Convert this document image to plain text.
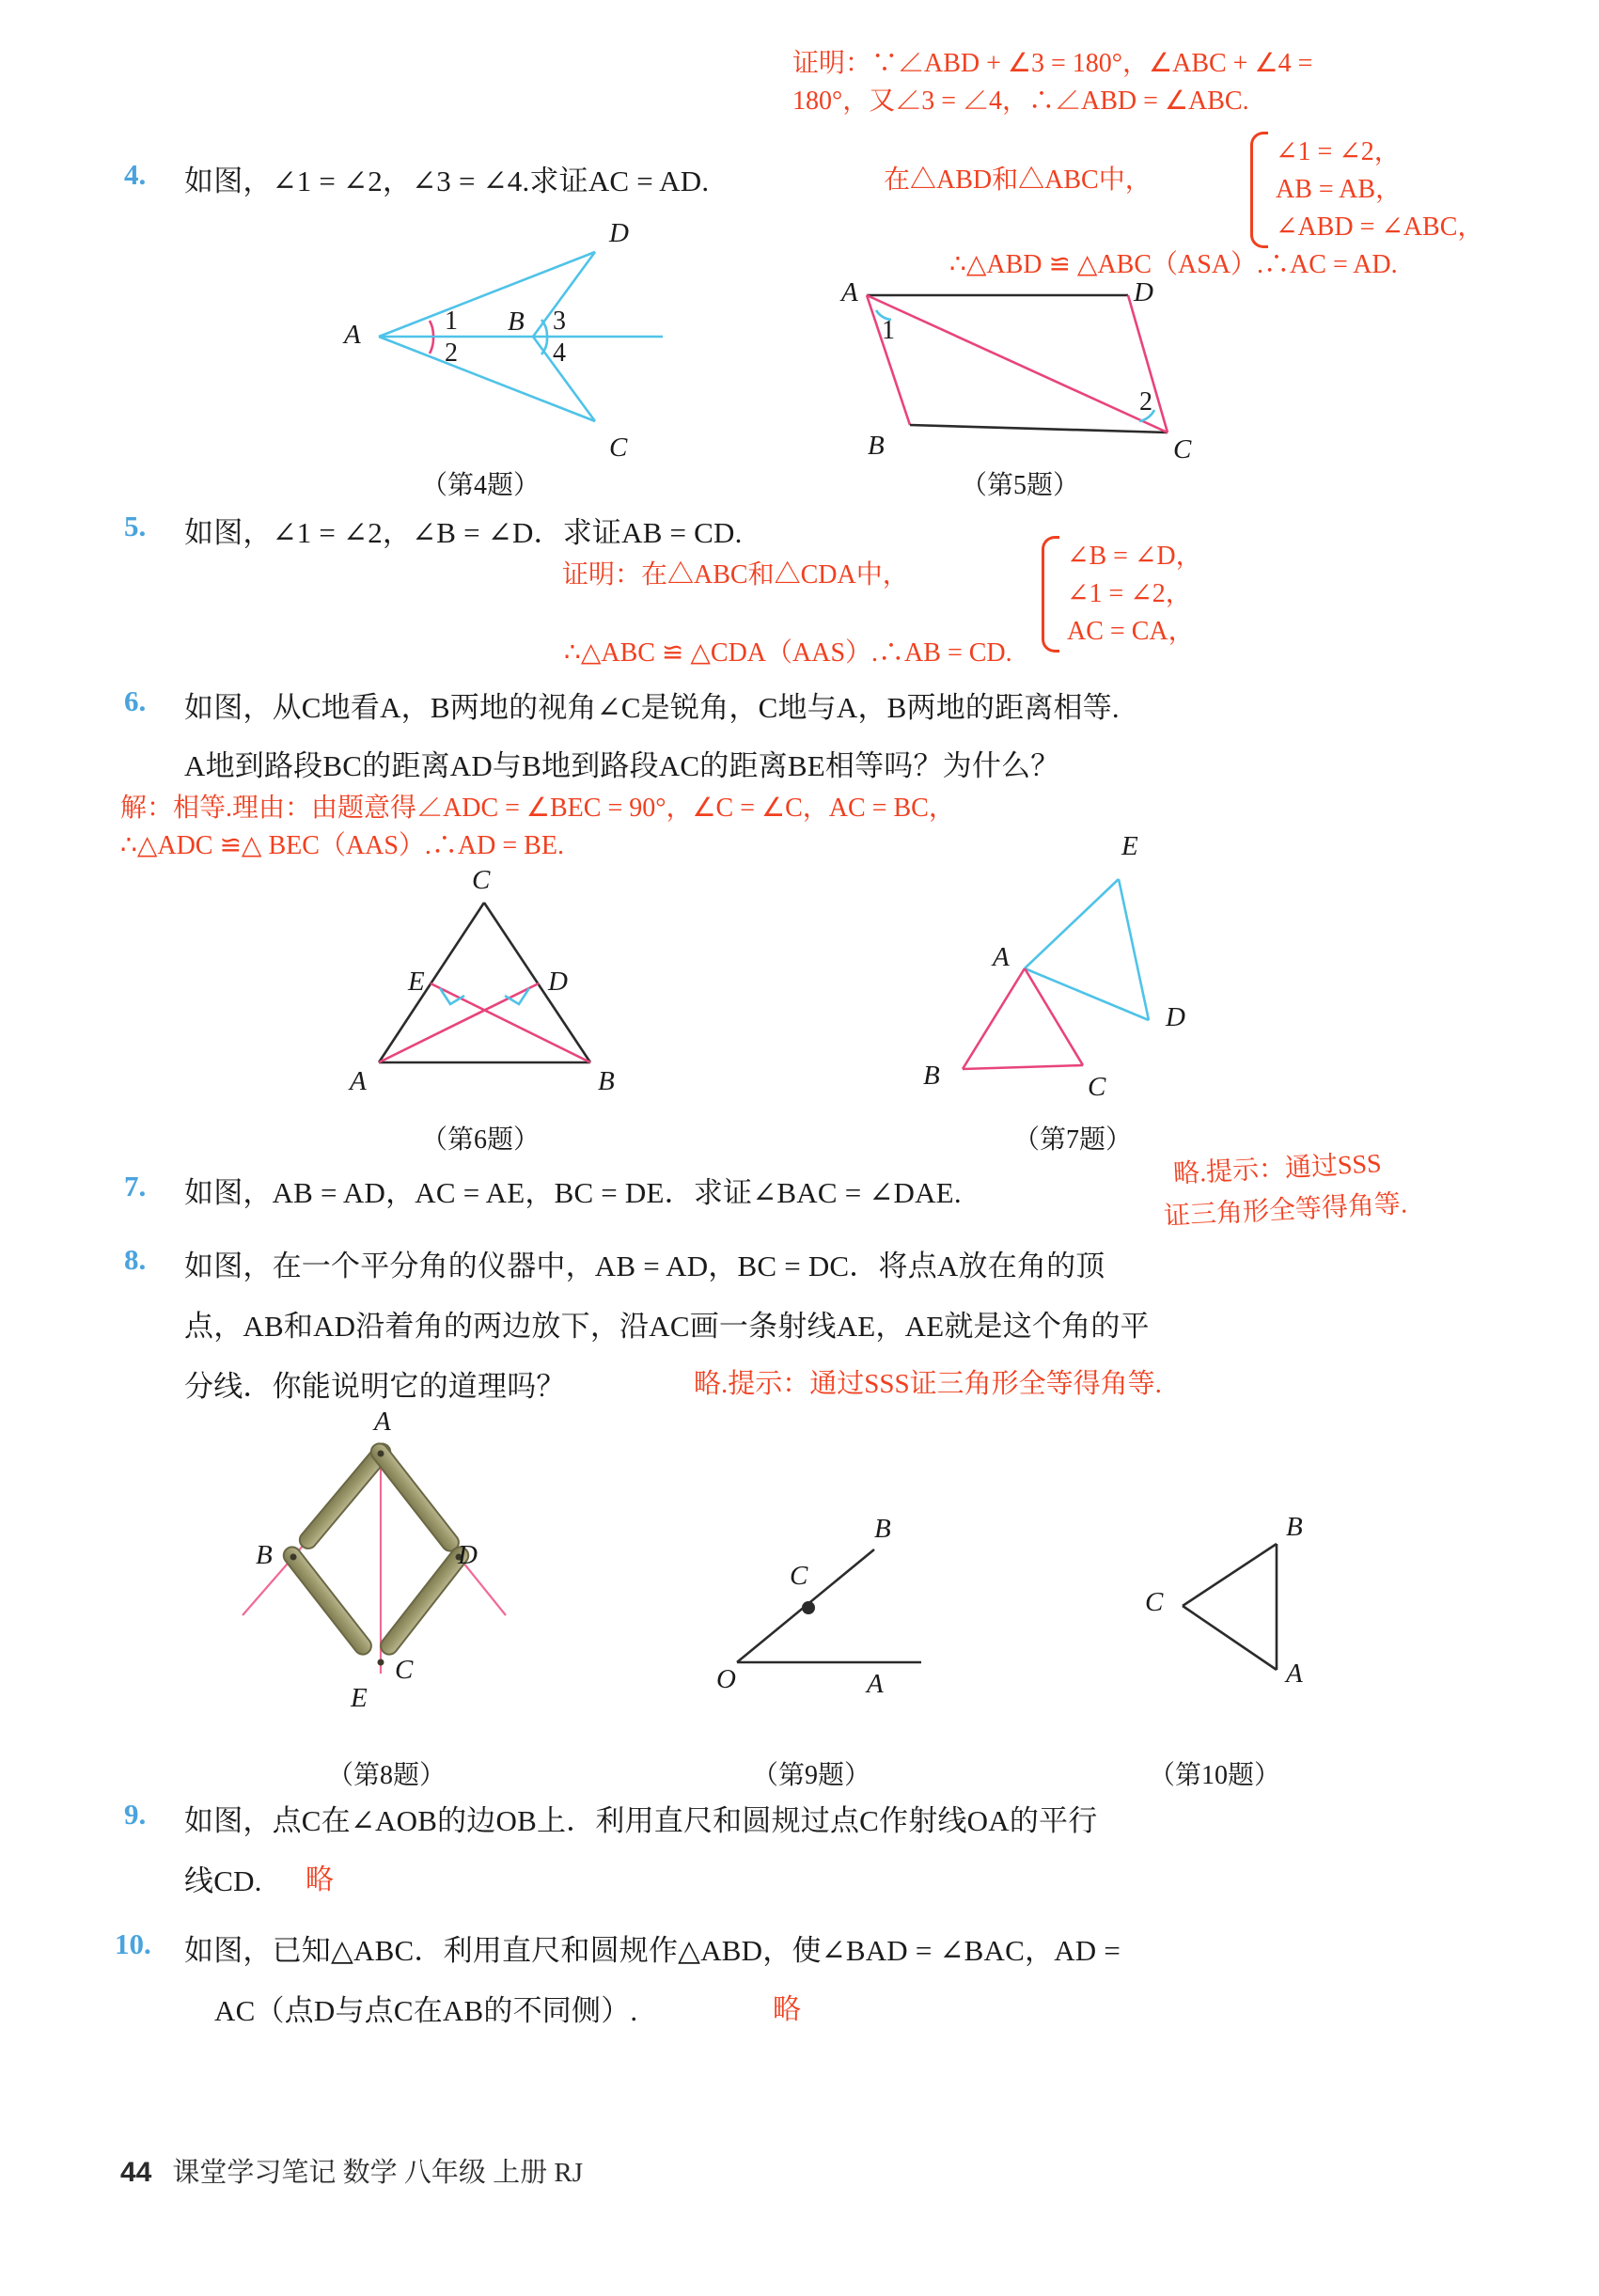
证明：∵∠ABD + ∠3 = 180°，∠ABC + ∠4 =
180°，又∠3 = ∠4，∴∠ABD = ∠ABC.
4. 如图，∠1 = ∠2，∠3 = ∠4.求证AC = AD.	在△ABD和△ABC中，
∠1 = ∠2，
AB = AB，
∠ABD = ∠ABC，
∴△ABD ≌ △ABC（ASA）.∴AC = AD.
A	B
C
D
1
2
3
4
（第4题）
A
B	C
D
1
2
（第5题）
5. 如图，∠1 = ∠2，∠B = ∠D．求证AB = CD.
证明：在△ABC和△CDA中，
∠B = ∠D，
∠1 = ∠2，
AC = CA，
∴△ABC ≌ △CDA（AAS）.∴AB = CD.
6. 如图，从C地看A，B两地的视角∠C是锐角，C地与A，B两地的距离相等.
A地到路段BC的距离AD与B地到路段AC的距离BE相等吗？为什么？
解：相等.理由：由题意得∠ADC = ∠BEC = 90°，∠C = ∠C，AC = BC，
∴△ADC ≌△ BEC（AAS）.∴AD = BE.
C
E	D
A	B
（第6题）
E
A
D
B	C
（第7题）
7. 如图，AB = AD，AC = AE，BC = DE．求证∠BAC = ∠DAE.
略.提示：通过SSS
证三角形全等得角等.
8. 如图，在一个平分角的仪器中，AB = AD，BC = DC．将点A放在角的顶
点，AB和AD沿着角的两边放下，沿AC画一条射线AE，AE就是这个角的平
分线．你能说明它的道理吗？	略.提示：通过SSS证三角形全等得角等.
A
B	D
C
E
（第8题）
B
C
O	A
（第9题）
B
C
A
（第10题）
9. 如图，点C在∠AOB的边OB上．利用直尺和圆规过点C作射线OA的平行
线CD. 略
10. 如图，已知△ABC．利用直尺和圆规作△ABD，使∠BAD = ∠BAC，AD =
AC（点D与点C在AB的不同侧）.	略
44 课堂学习笔记 数学 八年级 上册 RJ
